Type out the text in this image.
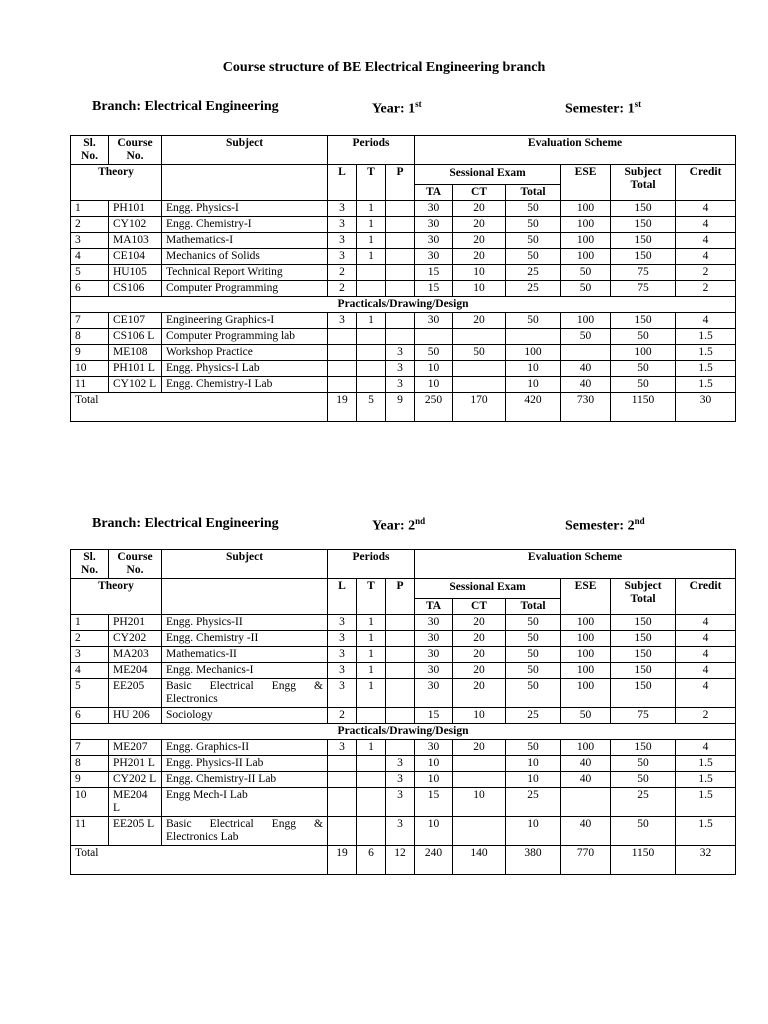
Course structure of BE Electrical Engineering branch
Branch: Electrical Engineering	Year: 1st	Semester: 1st
Sl. No.	Course No.	Subject	Periods			Evaluation Scheme					
Theory			L	T	P	Sessional Exam			ESE	Subject Total	Credit
						TA	CT	Total			
1	PH101	Engg. Physics-I	3	1		30	20	50	100	150	4
2	CY102	Engg. Chemistry-I	3	1		30	20	50	100	150	4
3	MA103	Mathematics-I	3	1		30	20	50	100	150	4
4	CE104	Mechanics of Solids	3	1		30	20	50	100	150	4
5	HU105	Technical Report Writing	2			15	10	25	50	75	2
6	CS106	Computer Programming	2			15	10	25	50	75	2
Practicals/Drawing/Design											
7	CE107	Engineering Graphics-I	3	1		30	20	50	100	150	4
8	CS106 L	Computer Programming lab							50	50	1.5
9	ME108	Workshop Practice			3	50	50	100		100	1.5
10	PH101 L	Engg. Physics-I Lab			3	10		10	40	50	1.5
11	CY102 L	Engg. Chemistry-I Lab			3	10		10	40	50	1.5
Total			19	5	9	250	170	420	730	1150	30
Branch: Electrical Engineering	Year: 2nd	Semester: 2nd
Sl. No.	Course No.	Subject	Periods			Evaluation Scheme					
Theory			L	T	P	Sessional Exam			ESE	Subject Total	Credit
						TA	CT	Total			
1	PH201	Engg. Physics-II	3	1		30	20	50	100	150	4
2	CY202	Engg. Chemistry -II	3	1		30	20	50	100	150	4
3	MA203	Mathematics-II	3	1		30	20	50	100	150	4
4	ME204	Engg. Mechanics-I	3	1		30	20	50	100	150	4
5	EE205	Basic Electrical Engg & Electronics	3	1		30	20	50	100	150	4
6	HU 206	Sociology	2			15	10	25	50	75	2
Practicals/Drawing/Design											
7	ME207	Engg. Graphics-II	3	1		30	20	50	100	150	4
8	PH201 L	Engg. Physics-II Lab			3	10		10	40	50	1.5
9	CY202 L	Engg. Chemistry-II Lab			3	10		10	40	50	1.5
10	ME204 L	Engg Mech-I Lab			3	15	10	25		25	1.5
11	EE205 L	Basic Electrical Engg & Electronics Lab			3	10		10	40	50	1.5
Total			19	6	12	240	140	380	770	1150	32
